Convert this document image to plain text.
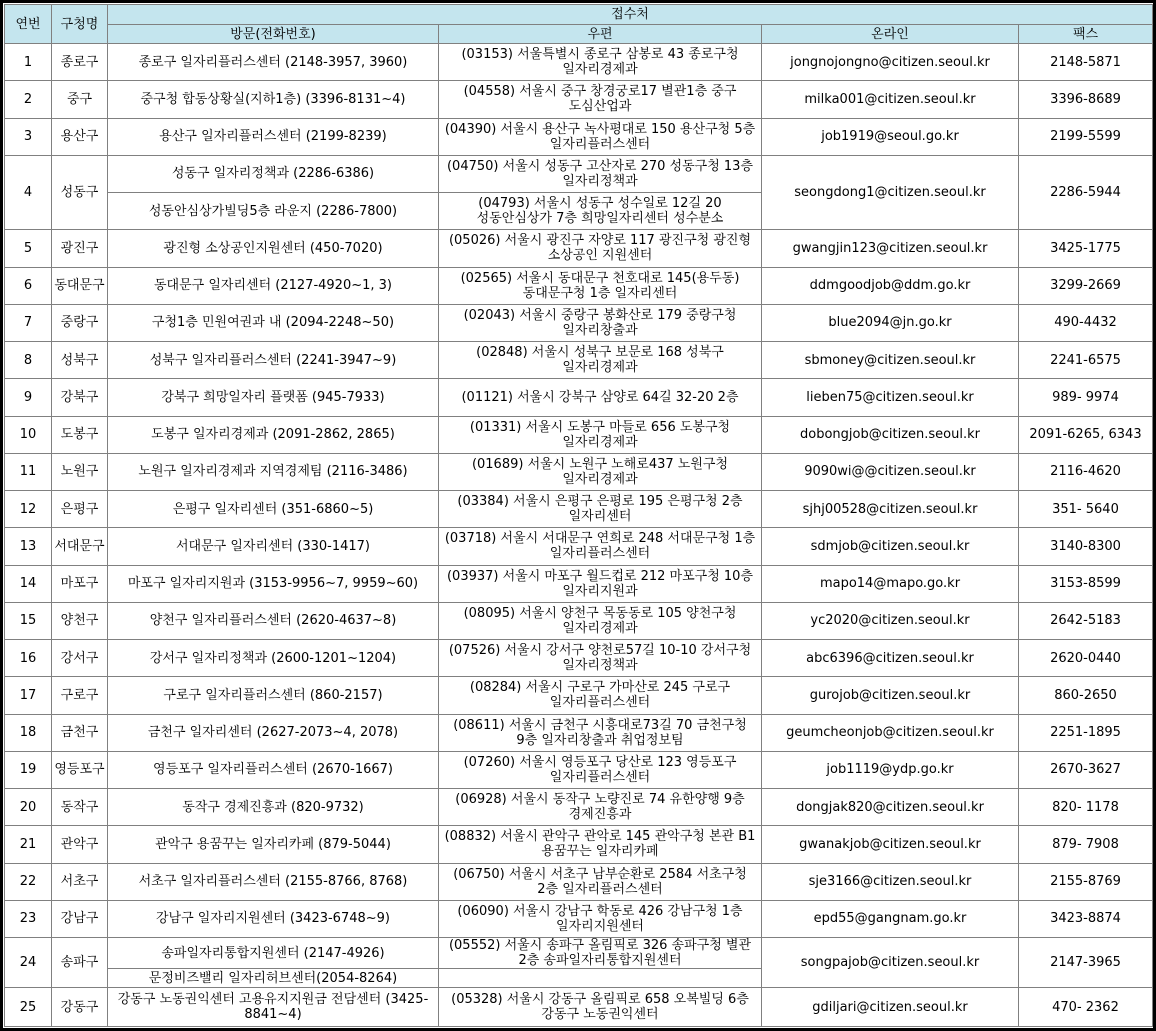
연번	구청명	접수처			
		방문(전화번호)	우편	온라인	팩스
1	종로구	종로구 일자리플러스센터 (2148-3957, 3960)	(03153) 서울특별시 종로구 삼봉로 43 종로구청 일자리경제과	jongnojongno@citizen.seoul.kr	2148-5871
2	중구	중구청 합동상황실(지하1층) (3396-8131~4)	(04558) 서울시 중구 창경궁로17 별관1층 중구 도심산업과	milka001@citizen.seoul.kr	3396-8689
3	용산구	용산구 일자리플러스센터 (2199-8239)	(04390) 서울시 용산구 녹사평대로 150 용산구청 5층 일자리플러스센터	job1919@seoul.go.kr	2199-5599
4	성동구	성동구 일자리정책과 (2286-6386)	(04750) 서울시 성동구 고산자로 270 성동구청 13층 일자리정책과	seongdong1@citizen.seoul.kr	2286-5944
		성동안심상가빌딩5층 라운지 (2286-7800)	(04793) 서울시 성동구 성수일로 12길 20 성동안심상가 7층 희망일자리센터 성수분소		
5	광진구	광진형 소상공인지원센터 (450-7020)	(05026) 서울시 광진구 자양로 117 광진구청 광진형 소상공인 지원센터	gwangjin123@citizen.seoul.kr	3425-1775
6	동대문구	동대문구 일자리센터 (2127-4920~1, 3)	(02565) 서울시 동대문구 천호대로 145(용두동) 동대문구청 1층 일자리센터	ddmgoodjob@ddm.go.kr	3299-2669
7	중랑구	구청1층 민원여권과 내 (2094-2248~50)	(02043) 서울시 중랑구 봉화산로 179 중랑구청 일자리창출과	blue2094@jn.go.kr	490-4432
8	성북구	성북구 일자리플러스센터 (2241-3947~9)	(02848) 서울시 성북구 보문로 168 성북구 일자리경제과	sbmoney@citizen.seoul.kr	2241-6575
9	강북구	강북구 희망일자리 플랫폼 (945-7933)	(01121) 서울시 강북구 삼양로 64길 32-20 2층	lieben75@citizen.seoul.kr	989- 9974
10	도봉구	도봉구 일자리경제과 (2091-2862, 2865)	(01331) 서울시 도봉구 마들로 656 도봉구청 일자리경제과	dobongjob@citizen.seoul.kr	2091-6265, 6343
11	노원구	노원구 일자리경제과 지역경제팀 (2116-3486)	(01689) 서울시 노원구 노해로437 노원구청 일자리경제과	9090wi@@citizen.seoul.kr	2116-4620
12	은평구	은평구 일자리센터 (351-6860~5)	(03384) 서울시 은평구 은평로 195 은평구청 2층 일자리센터	sjhj00528@citizen.seoul.kr	351- 5640
13	서대문구	서대문구 일자리센터 (330-1417)	(03718) 서울시 서대문구 연희로 248 서대문구청 1층 일자리플러스센터	sdmjob@citizen.seoul.kr	3140-8300
14	마포구	마포구 일자리지원과 (3153-9956~7, 9959~60)	(03937) 서울시 마포구 월드컵로 212 마포구청 10층 일자리지원과	mapo14@mapo.go.kr	3153-8599
15	양천구	양천구 일자리플러스센터 (2620-4637~8)	(08095) 서울시 양천구 목동동로 105 양천구청 일자리경제과	yc2020@citizen.seoul.kr	2642-5183
16	강서구	강서구 일자리정책과 (2600-1201~1204)	(07526) 서울시 강서구 양천로57길 10-10 강서구청 일자리정책과	abc6396@citizen.seoul.kr	2620-0440
17	구로구	구로구 일자리플러스센터 (860-2157)	(08284) 서울시 구로구 가마산로 245 구로구 일자리플러스센터	gurojob@citizen.seoul.kr	860-2650
18	금천구	금천구 일자리센터 (2627-2073~4, 2078)	(08611) 서울시 금천구 시흥대로73길 70 금천구청 9층 일자리창출과 취업정보팀	geumcheonjob@citizen.seoul.kr	2251-1895
19	영등포구	영등포구 일자리플러스센터 (2670-1667)	(07260) 서울시 영등포구 당산로 123 영등포구 일자리플러스센터	job1119@ydp.go.kr	2670-3627
20	동작구	동작구 경제진흥과 (820-9732)	(06928) 서울시 동작구 노량진로 74 유한양행 9층 경제진흥과	dongjak820@citizen.seoul.kr	820- 1178
21	관악구	관악구 용꿈꾸는 일자리카페 (879-5044)	(08832) 서울시 관악구 관악로 145 관악구청 본관 B1 용꿈꾸는 일자리카페	gwanakjob@citizen.seoul.kr	879- 7908
22	서초구	서초구 일자리플러스센터 (2155-8766, 8768)	(06750) 서울시 서초구 남부순환로 2584 서초구청 2층 일자리플러스센터	sje3166@citizen.seoul.kr	2155-8769
23	강남구	강남구 일자리지원센터 (3423-6748~9)	(06090) 서울시 강남구 학동로 426 강남구청 1층 일자리지원센터	epd55@gangnam.go.kr	3423-8874
24	송파구	송파일자리통합지원센터 (2147-4926)	(05552) 서울시 송파구 올림픽로 326 송파구청 별관 2층 송파일자리통합지원센터	songpajob@citizen.seoul.kr	2147-3965
		문정비즈밸리 일자리허브센터(2054-8264)			
25	강동구	강동구 노동권익센터 고용유지지원금 전담센터 (3425-8841~4)	(05328) 서울시 강동구 올림픽로 658 오복빌딩 6층 강동구 노동권익센터	gdiljari@citizen.seoul.kr	470- 2362
